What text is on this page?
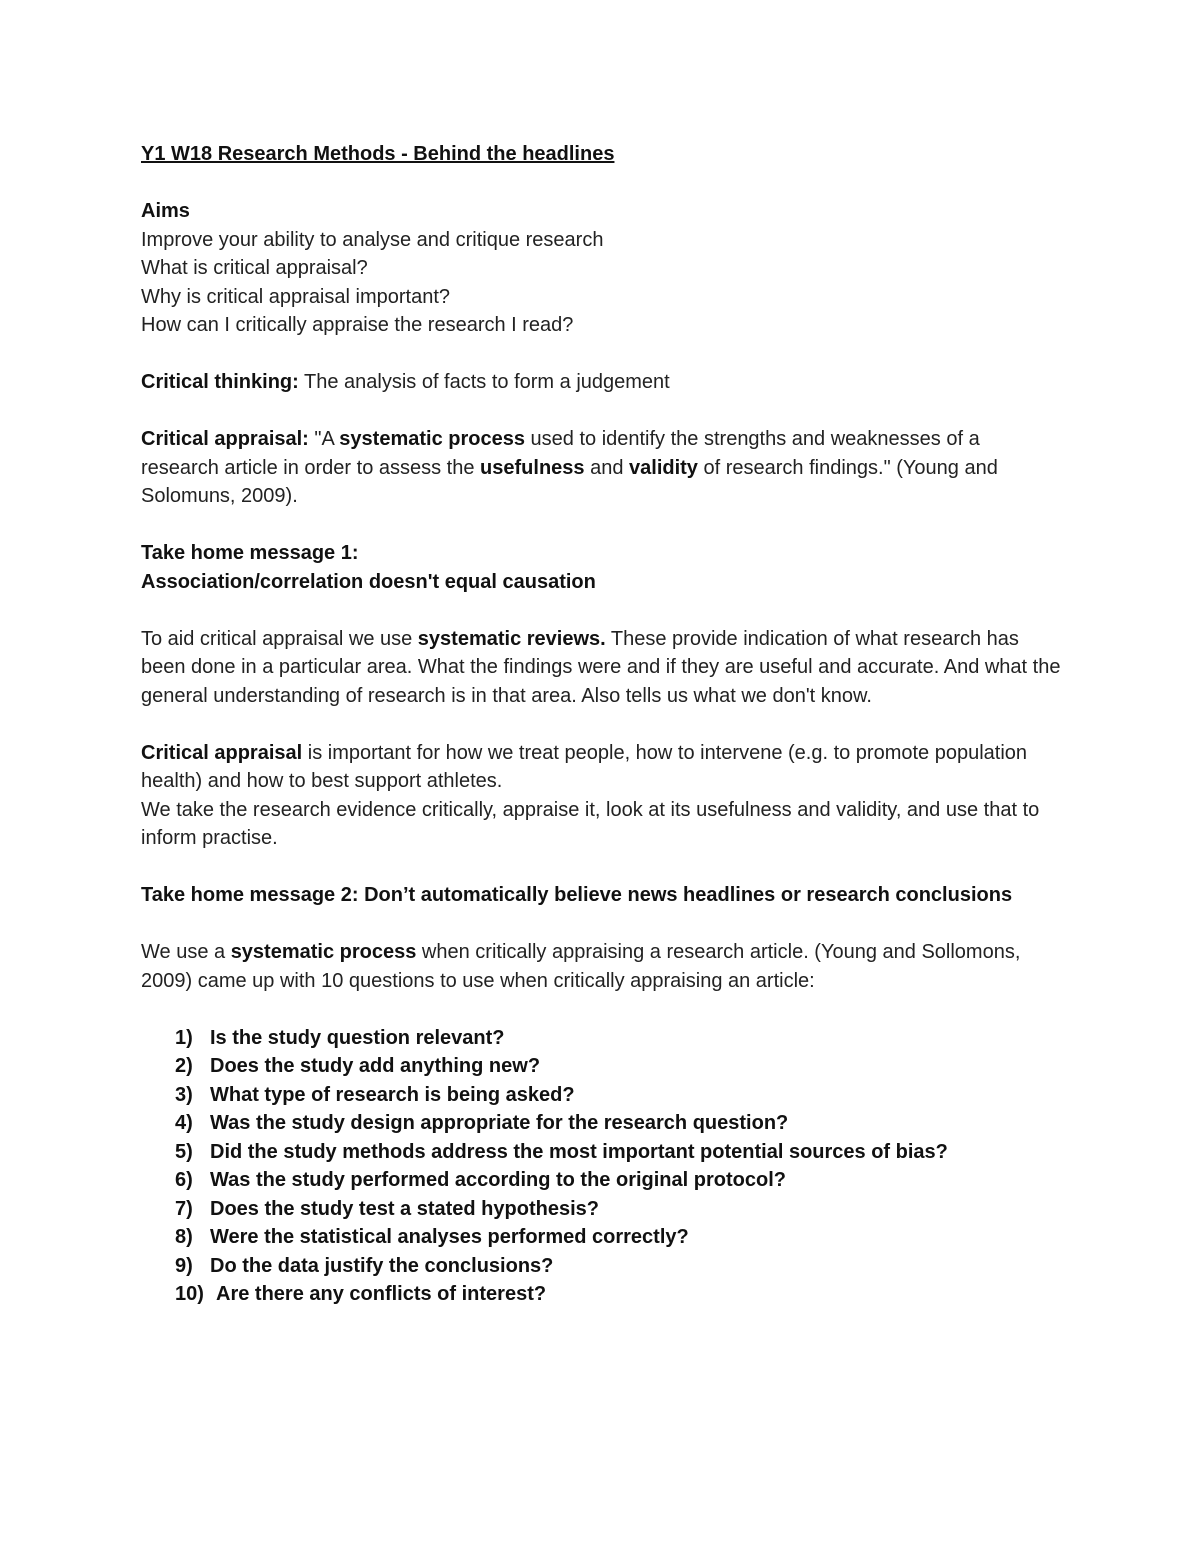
Y1 W18 Research Methods - Behind the headlines

Aims

Improve your ability to analyse and critique research

What is critical appraisal?

Why is critical appraisal important?

How can I critically appraise the research I read?

Critical thinking: The analysis of facts to form a judgement

Critical appraisal: "A systematic process used to identify the strengths and weaknesses of a research article in order to assess the usefulness and validity of research findings." (Young and Solomuns, 2009).

Take home message 1:

Association/correlation doesn't equal causation

To aid critical appraisal we use systematic reviews. These provide indication of what research has been done in a particular area. What the findings were and if they are useful and accurate. And what the general understanding of research is in that area. Also tells us what we don't know.

Critical appraisal is important for how we treat people, how to intervene (e.g. to promote population health) and how to best support athletes.

We take the research evidence critically, appraise it, look at its usefulness and validity, and use that to inform practise.

Take home message 2: Don’t automatically believe news headlines or research conclusions

We use a systematic process when critically appraising a research article. (Young and Sollomons, 2009) came up with 10 questions to use when critically appraising an article:

1) Is the study question relevant?
2) Does the study add anything new?
3) What type of research is being asked?
4) Was the study design appropriate for the research question?
5) Did the study methods address the most important potential sources of bias?
6) Was the study performed according to the original protocol?
7) Does the study test a stated hypothesis?
8) Were the statistical analyses performed correctly?
9) Do the data justify the conclusions?
10) Are there any conflicts of interest?
